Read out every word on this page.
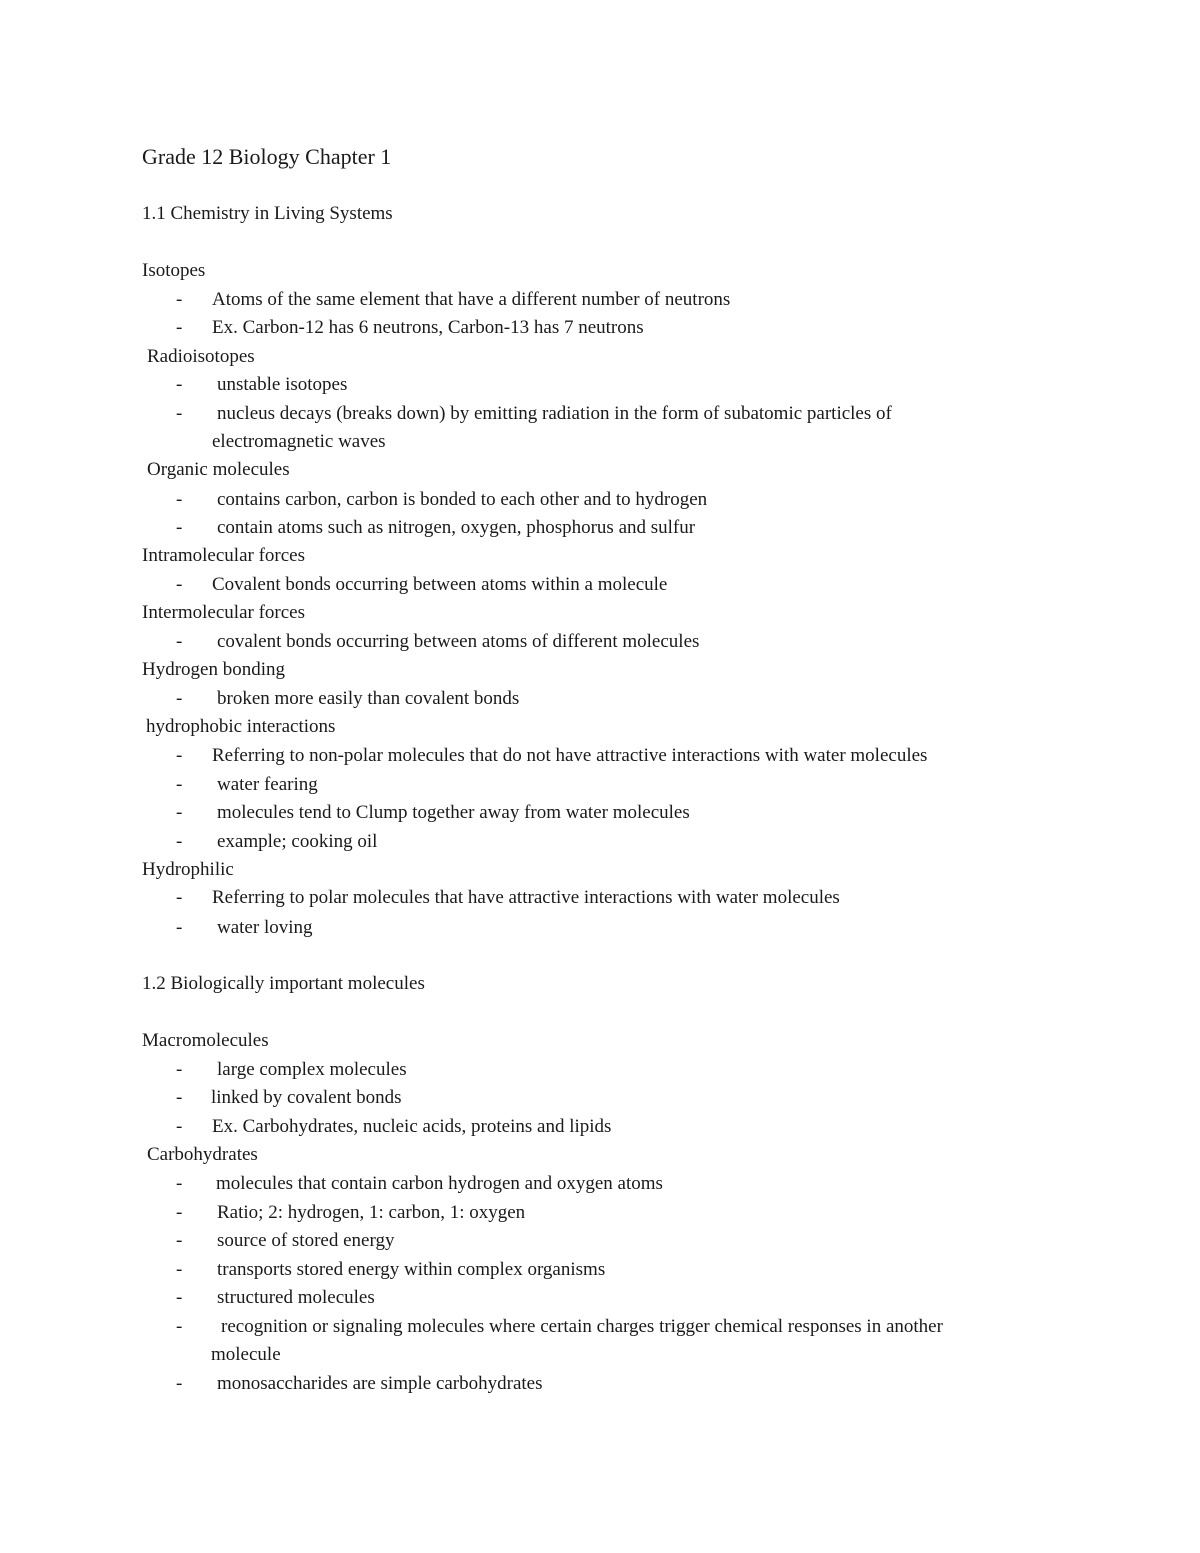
Grade 12 Biology Chapter 1
1.1 Chemistry in Living Systems
Isotopes
- Atoms of the same element that have a different number of neutrons
- Ex. Carbon-12 has 6 neutrons, Carbon-13 has 7 neutrons
Radioisotopes
- unstable isotopes
- nucleus decays (breaks down) by emitting radiation in the form of subatomic particles of
electromagnetic waves
Organic molecules
- contains carbon, carbon is bonded to each other and to hydrogen
- contain atoms such as nitrogen, oxygen, phosphorus and sulfur
Intramolecular forces
- Covalent bonds occurring between atoms within a molecule
Intermolecular forces
- covalent bonds occurring between atoms of different molecules
Hydrogen bonding
- broken more easily than covalent bonds
hydrophobic interactions
- Referring to non-polar molecules that do not have attractive interactions with water molecules
- water fearing
- molecules tend to Clump together away from water molecules
- example; cooking oil
Hydrophilic
- Referring to polar molecules that have attractive interactions with water molecules
- water loving
1.2 Biologically important molecules
Macromolecules
- large complex molecules
- linked by covalent bonds
- Ex. Carbohydrates, nucleic acids, proteins and lipids
Carbohydrates
- molecules that contain carbon hydrogen and oxygen atoms
- Ratio; 2: hydrogen, 1: carbon, 1: oxygen
- source of stored energy
- transports stored energy within complex organisms
- structured molecules
- recognition or signaling molecules where certain charges trigger chemical responses in another
molecule
- monosaccharides are simple carbohydrates
